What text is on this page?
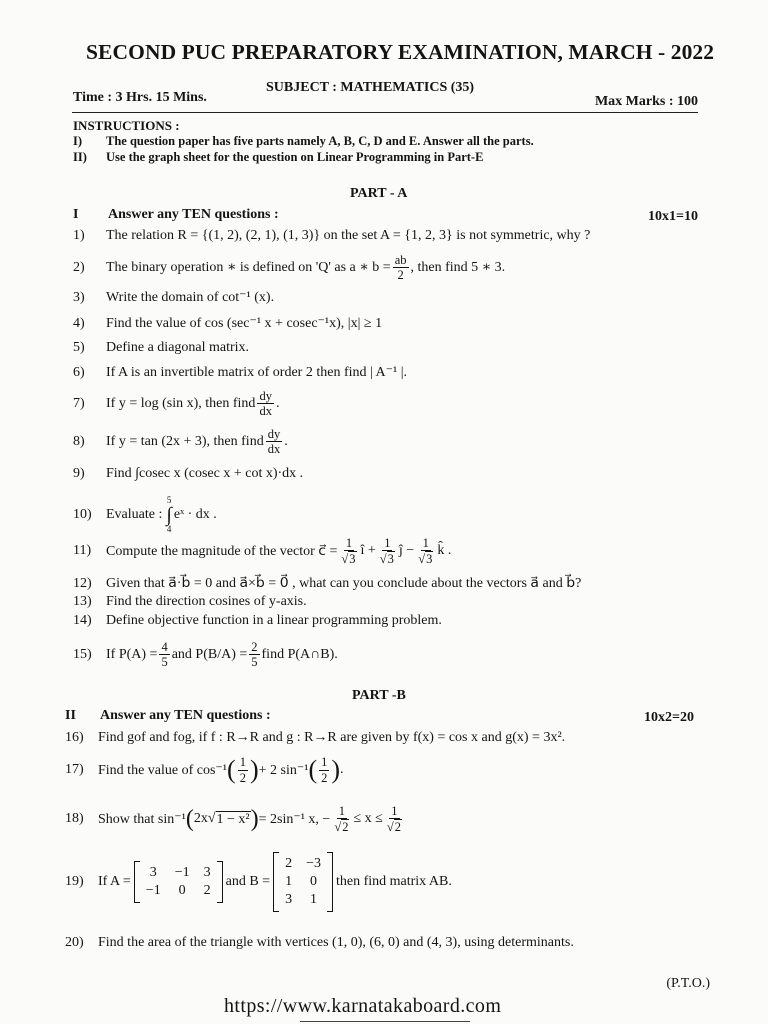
SECOND PUC PREPARATORY EXAMINATION, MARCH - 2022
SUBJECT : MATHEMATICS (35)
Time : 3 Hrs. 15 Mins.	Max Marks : 100
INSTRUCTIONS :
I) The question paper has five parts namely A, B, C, D and E. Answer all the parts.
II) Use the graph sheet for the question on Linear Programming in Part-E
PART - A
I Answer any TEN questions :	10x1=10
1)	The relation R = {(1, 2), (2, 1), (1, 3)} on the set A = {1, 2, 3} is not symmetric, why ?
2)	The binary operation ∗ is defined on 'Q' as a ∗ $b = \frac{ab}{2}$ , then find 5 ∗ 3.
3)	Write the domain of cot⁻¹ (x).
4)	Find the value of cos (sec⁻¹ x + cosec⁻¹x), |x| ≥ 1
5)	Define a diagonal matrix.
6)	If A is an invertible matrix of order 2 then find | A⁻¹ |.
7)	If y = log (sin x), then find $\frac{dy}{dx}$ .
8)	If y = tan (2x + 3), then find $\frac{dy}{dx}$ .
9)	Find ∫cosec x (cosec x + cot x)·dx .
10)	Evaluate :
5
∫
4
eˣ · dx .
11)	Compute the magnitude of the vector c⃗ = $\frac{1}{√3}$ î + $\frac{1}{√3}$ ĵ − $\frac{1}{√3}$ k̂ .
12)	Given that a⃗·b⃗ = 0 and a⃗×b⃗ = 0⃗ , what can you conclude about the vectors a⃗ and b⃗?
13)	Find the direction cosines of y-axis.
14)	Define objective function in a linear programming problem.
15)	If $P(A) = \frac{4}{5}$ and $P(B/A) = \frac{2}{5}$ find P(A∩B).
PART -B
II Answer any TEN questions :	10x2=20
16)	Find gof and fog, if f : R→R and g : R→R are given by f(x) = cos x and g(x) = 3x².
17)	Find the value of cos⁻¹ ( $\frac{1}{2}$ ) + 2 sin⁻¹ ( $\frac{1}{2}$ ) .
18)	Show that sin⁻¹ ( 2x √ 1 − x² ) = 2sin⁻¹ x, − $\frac{1}{√2} \le x \le \frac{1}{√2}$
19)	If A =
3	−1	3
−1	0	2
and B =
2	−3
1	0
3	1
then find matrix AB.
20)	Find the area of the triangle with vertices (1, 0), (6, 0) and (4, 3), using determinants.
(P.T.O.)
https://www.karnatakaboard.com
